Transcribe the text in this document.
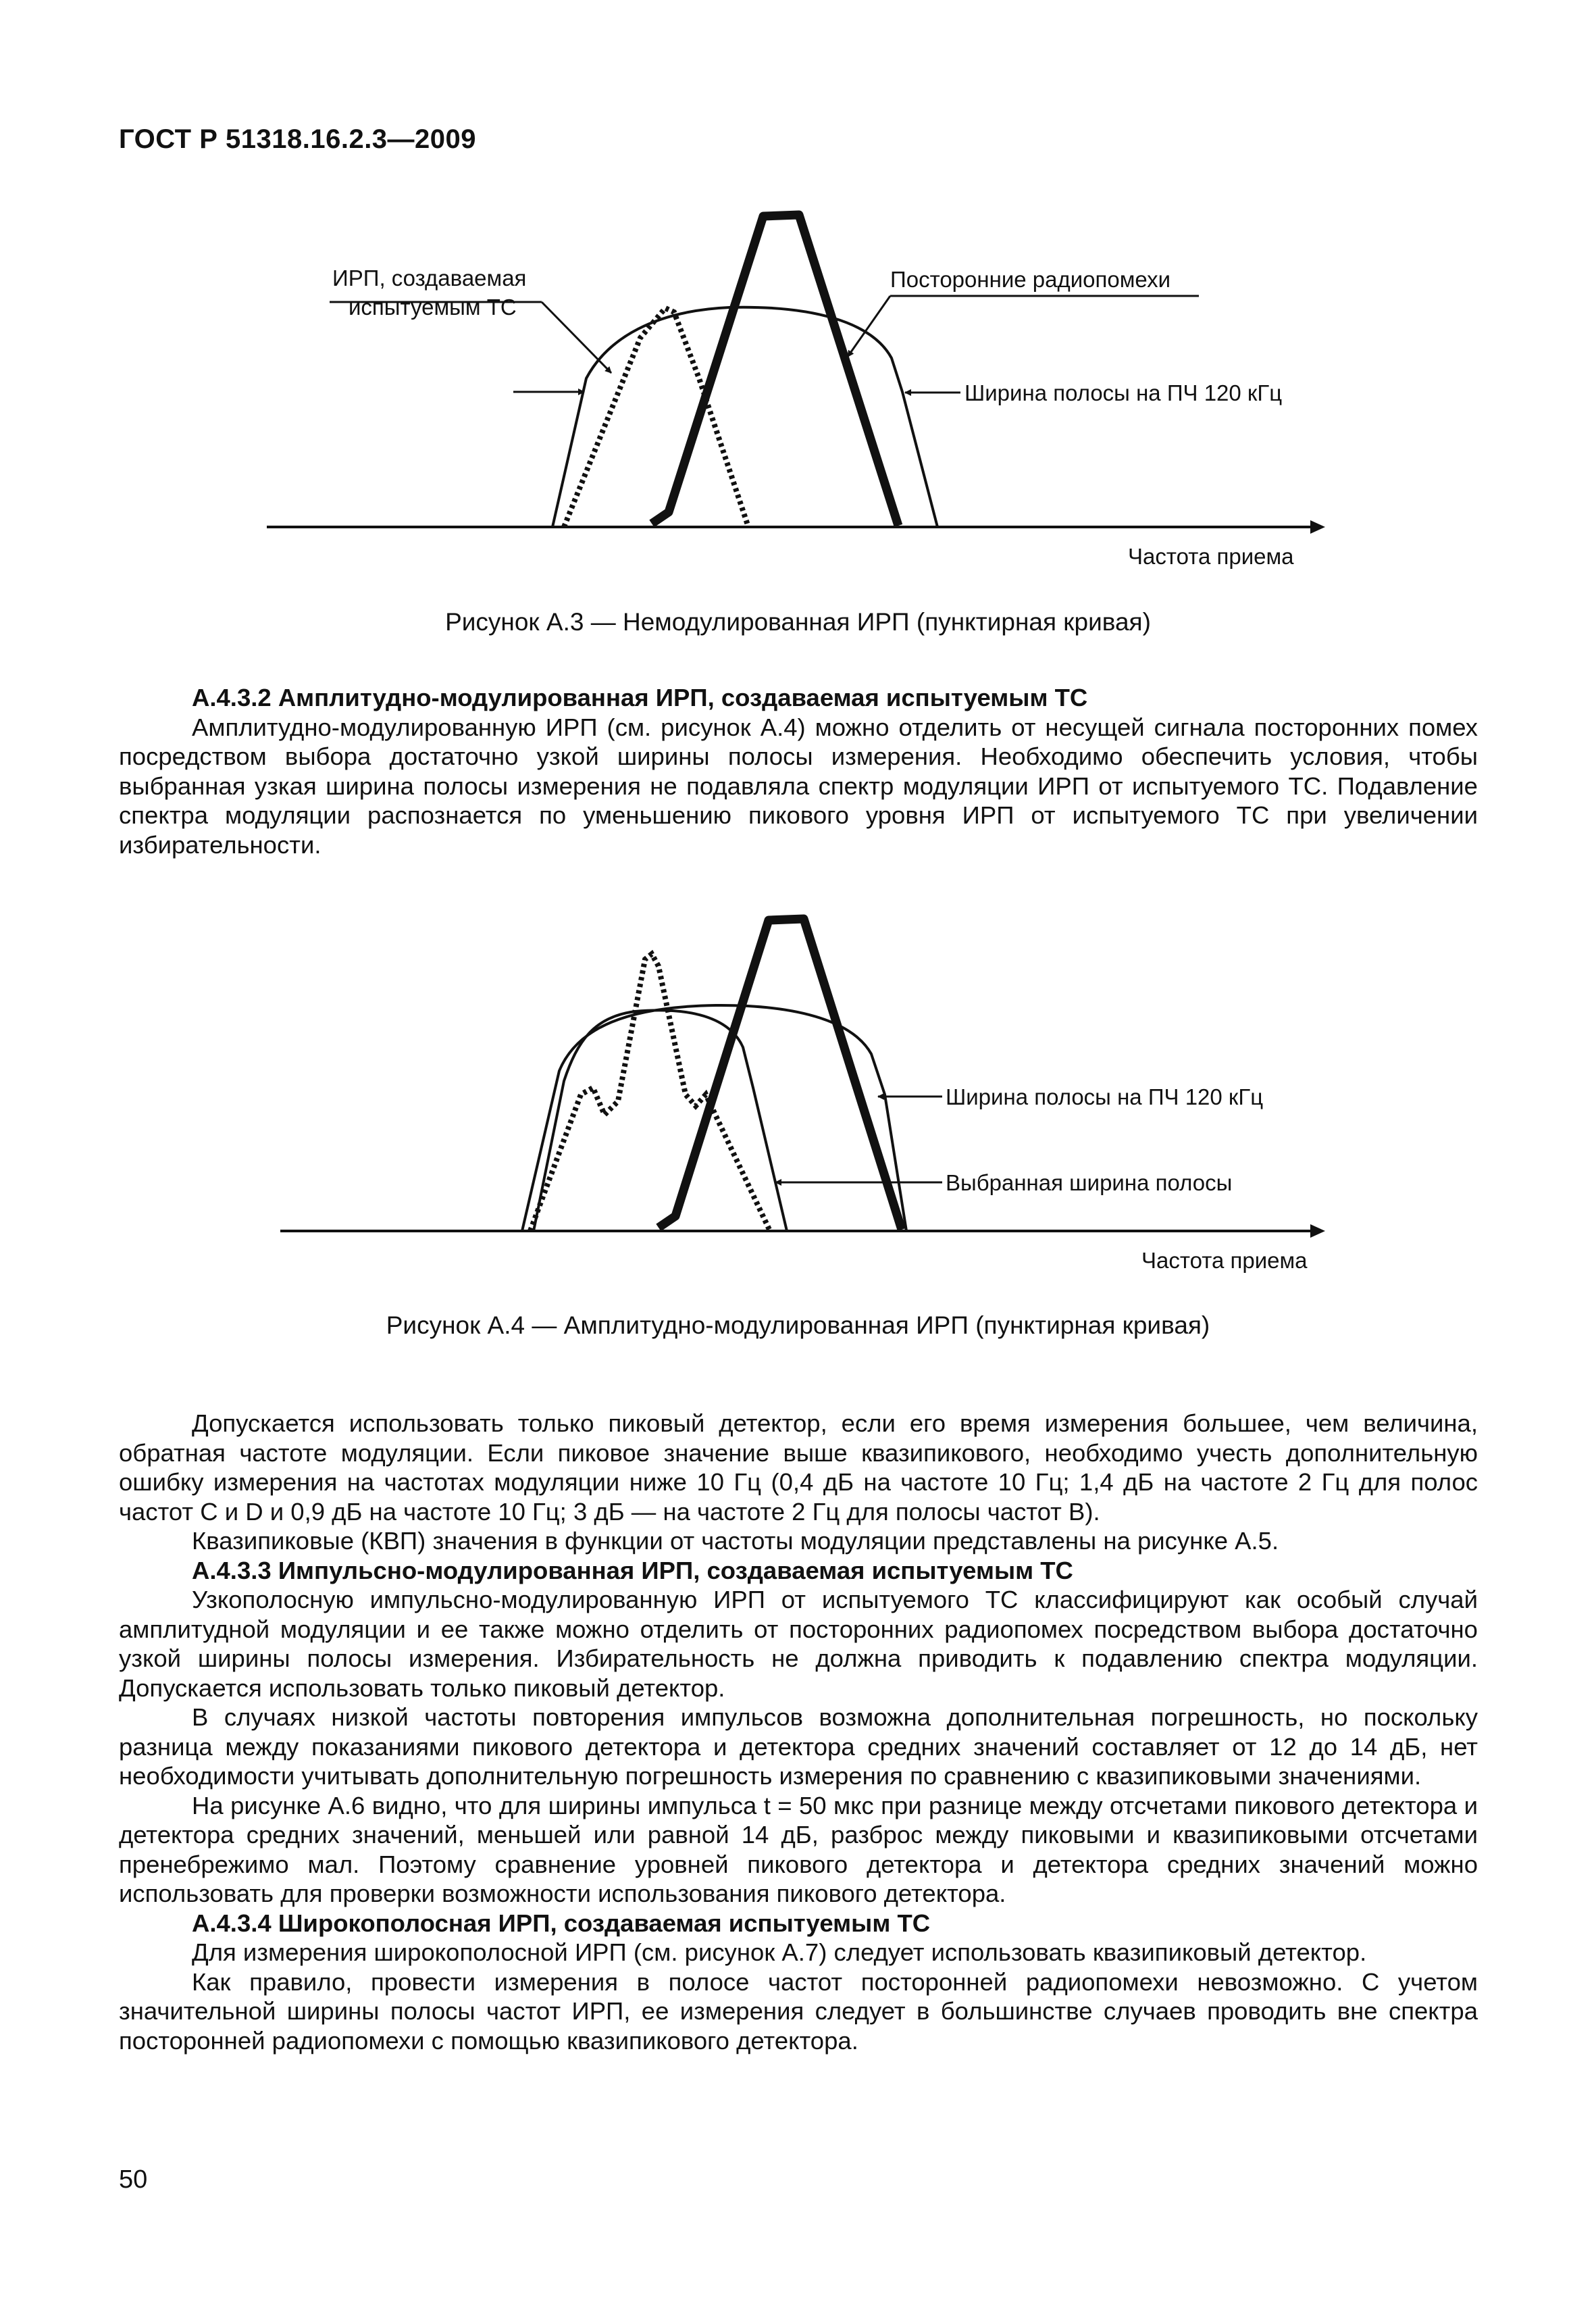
ГОСТ Р 51318.16.2.3—2009
ИРП, создаваемая
испытуемым ТС
Посторонние радиопомехи
Ширина полосы на ПЧ 120 кГц
Частота приема
Рисунок А.3 — Немодулированная ИРП (пунктирная кривая)

А.4.3.2 Амплитудно-модулированная ИРП, создаваемая испытуемым ТС

Амплитудно-модулированную ИРП (см. рисунок А.4) можно отделить от несущей сигнала посторонних помех посредством выбора достаточно узкой ширины полосы измерения. Необходимо обеспечить условия, чтобы выбранная узкая ширина полосы измерения не подавляла спектр модуляции ИРП от испытуемого ТС. Подавление спектра модуляции распознается по уменьшению пикового уровня ИРП от испытуемого ТС при увеличении избирательности.

Ширина полосы на ПЧ 120 кГц
Выбранная ширина полосы
Частота приема
Рисунок А.4 — Амплитудно-модулированная ИРП (пунктирная кривая)

Допускается использовать только пиковый детектор, если его время измерения большее, чем величина, обратная частоте модуляции. Если пиковое значение выше квазипикового, необходимо учесть дополнительную ошибку измерения на частотах модуляции ниже 10 Гц (0,4 дБ на частоте 10 Гц; 1,4 дБ на частоте 2 Гц для полос частот С и D и 0,9 дБ на частоте 10 Гц; 3 дБ — на частоте 2 Гц для полосы частот В).

Квазипиковые (КВП) значения в функции от частоты модуляции представлены на рисунке А.5.

А.4.3.3 Импульсно-модулированная ИРП, создаваемая испытуемым ТС

Узкополосную импульсно-модулированную ИРП от испытуемого ТС классифицируют как особый случай амплитудной модуляции и ее также можно отделить от посторонних радиопомех посредством выбора достаточно узкой ширины полосы измерения. Избирательность не должна приводить к подавлению спектра модуляции. Допускается использовать только пиковый детектор.

В случаях низкой частоты повторения импульсов возможна дополнительная погрешность, но поскольку разница между показаниями пикового детектора и детектора средних значений составляет от 12 до 14 дБ, нет необходимости учитывать дополнительную погрешность измерения по сравнению с квазипиковыми значениями.

На рисунке А.6 видно, что для ширины импульса t = 50 мкс при разнице между отсчетами пикового детектора и детектора средних значений, меньшей или равной 14 дБ, разброс между пиковыми и квазипиковыми отсчетами пренебрежимо мал. Поэтому сравнение уровней пикового детектора и детектора средних значений можно использовать для проверки возможности использования пикового детектора.

А.4.3.4 Широкополосная ИРП, создаваемая испытуемым ТС

Для измерения широкополосной ИРП (см. рисунок А.7) следует использовать квазипиковый детектор.

Как правило, провести измерения в полосе частот посторонней радиопомехи невозможно. С учетом значительной ширины полосы частот ИРП, ее измерения следует в большинстве случаев проводить вне спектра посторонней радиопомехи с помощью квазипикового детектора.

50
